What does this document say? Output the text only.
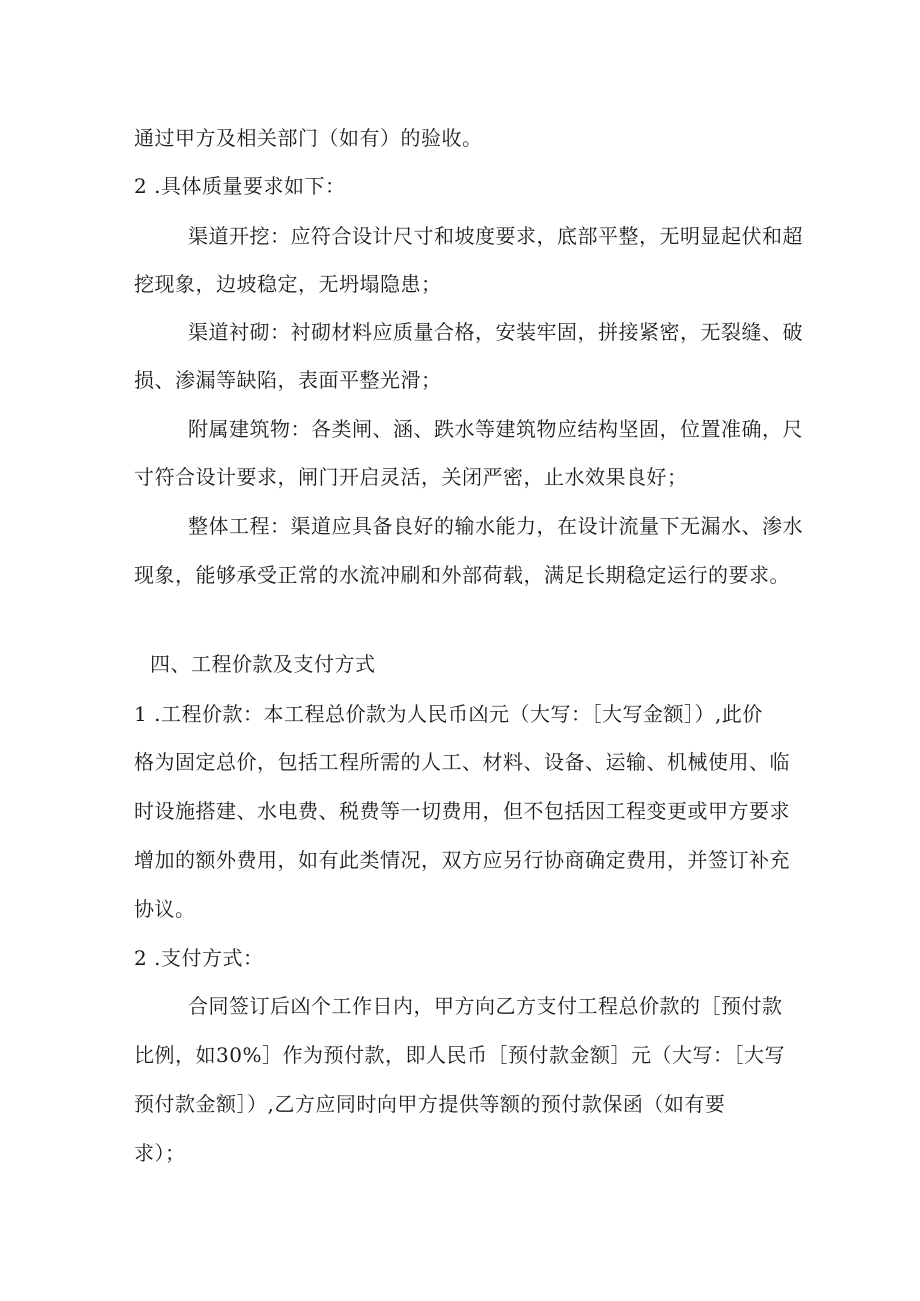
通过甲方及相关部门（如有）的验收。
2 .具体质量要求如下：
渠道开挖：应符合设计尺寸和坡度要求，底部平整，无明显起伏和超
挖现象，边坡稳定，无坍塌隐患；
渠道衬砌：衬砌材料应质量合格，安装牢固，拼接紧密，无裂缝、破
损、渗漏等缺陷，表面平整光滑；
附属建筑物：各类闸、涵、跌水等建筑物应结构坚固，位置准确，尺
寸符合设计要求，闸门开启灵活，关闭严密，止水效果良好；
整体工程：渠道应具备良好的输水能力，在设计流量下无漏水、渗水
现象，能够承受正常的水流冲刷和外部荷载，满足长期稳定运行的要求。
四、工程价款及支付方式
1 .工程价款：本工程总价款为人民币凶元（大写：［大写金额］）,此价
格为固定总价，包括工程所需的人工、材料、设备、运输、机械使用、临
时设施搭建、水电费、税费等一切费用，但不包括因工程变更或甲方要求
增加的额外费用，如有此类情况，双方应另行协商确定费用，并签订补充
协议。
2 .支付方式：
合同签订后凶个工作日内，甲方向乙方支付工程总价款的［预付款
比例，如30%］作为预付款，即人民币［预付款金额］元（大写：［大写
预付款金额］）,乙方应同时向甲方提供等额的预付款保函（如有要
求）；
